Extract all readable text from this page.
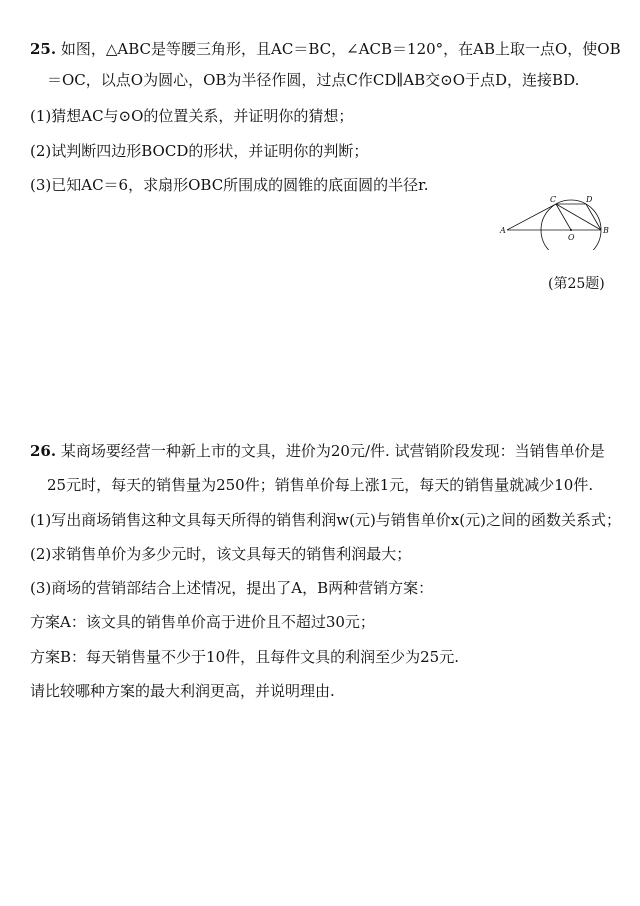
25. 如图，△ABC是等腰三角形，且AC＝BC，∠ACB＝120°，在AB上取一点O，使OB
＝OC，以点O为圆心，OB为半径作圆，过点C作CD∥AB交⊙O于点D，连接BD.
(1)猜想AC与⊙O的位置关系，并证明你的猜想；
(2)试判断四边形BOCD的形状，并证明你的判断；
(3)已知AC＝6，求扇形OBC所围成的圆锥的底面圆的半径r.
A	B
C	D
O
(第25题)
26. 某商场要经营一种新上市的文具，进价为20元/件. 试营销阶段发现：当销售单价是
25元时，每天的销售量为250件；销售单价每上涨1元，每天的销售量就减少10件.
(1)写出商场销售这种文具每天所得的销售利润w(元)与销售单价x(元)之间的函数关系式；
(2)求销售单价为多少元时，该文具每天的销售利润最大；
(3)商场的营销部结合上述情况，提出了A，B两种营销方案：
方案A：该文具的销售单价高于进价且不超过30元；
方案B：每天销售量不少于10件，且每件文具的利润至少为25元.
请比较哪种方案的最大利润更高，并说明理由.
